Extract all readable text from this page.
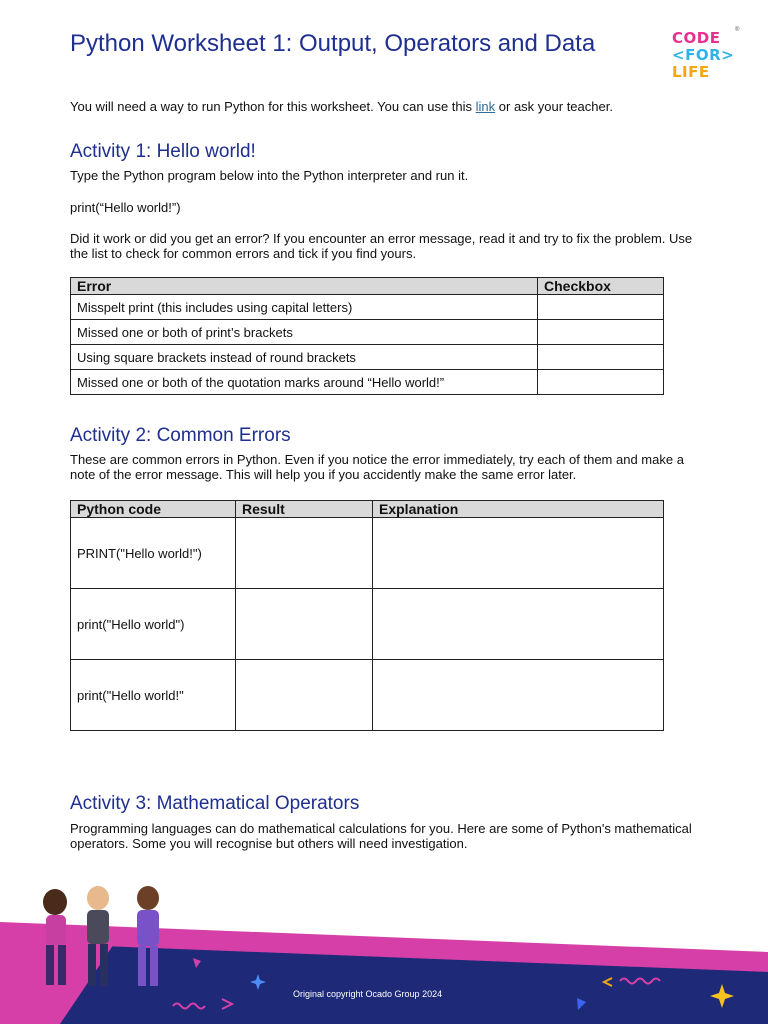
Python Worksheet 1: Output, Operators and Data	CODE
<FOR>
LIFE
®

You will need a way to run Python for this worksheet. You can use this link or ask your teacher.

Activity 1: Hello world!

Type the Python program below into the Python interpreter and run it.

print(“Hello world!”)

Did it work or did you get an error? If you encounter an error message, read it and try to fix the problem. Use the list to check for common errors and tick if you find yours.

Error	Checkbox
Misspelt print (this includes using capital letters)	
Missed one or both of print’s brackets	
Using square brackets instead of round brackets	
Missed one or both of the quotation marks around “Hello world!”	
Activity 2: Common Errors

These are common errors in Python. Even if you notice the error immediately, try each of them and make a note of the error message. This will help you if you accidently make the same error later.

Python code	Result	Explanation
PRINT("Hello world!")		
print("Hello world")		
print("Hello world!"		
Activity 3: Mathematical Operators

Programming languages can do mathematical calculations for you. Here are some of Python's mathematical operators. Some you will recognise but others will need investigation.

Original copyright Ocado Group 2024
